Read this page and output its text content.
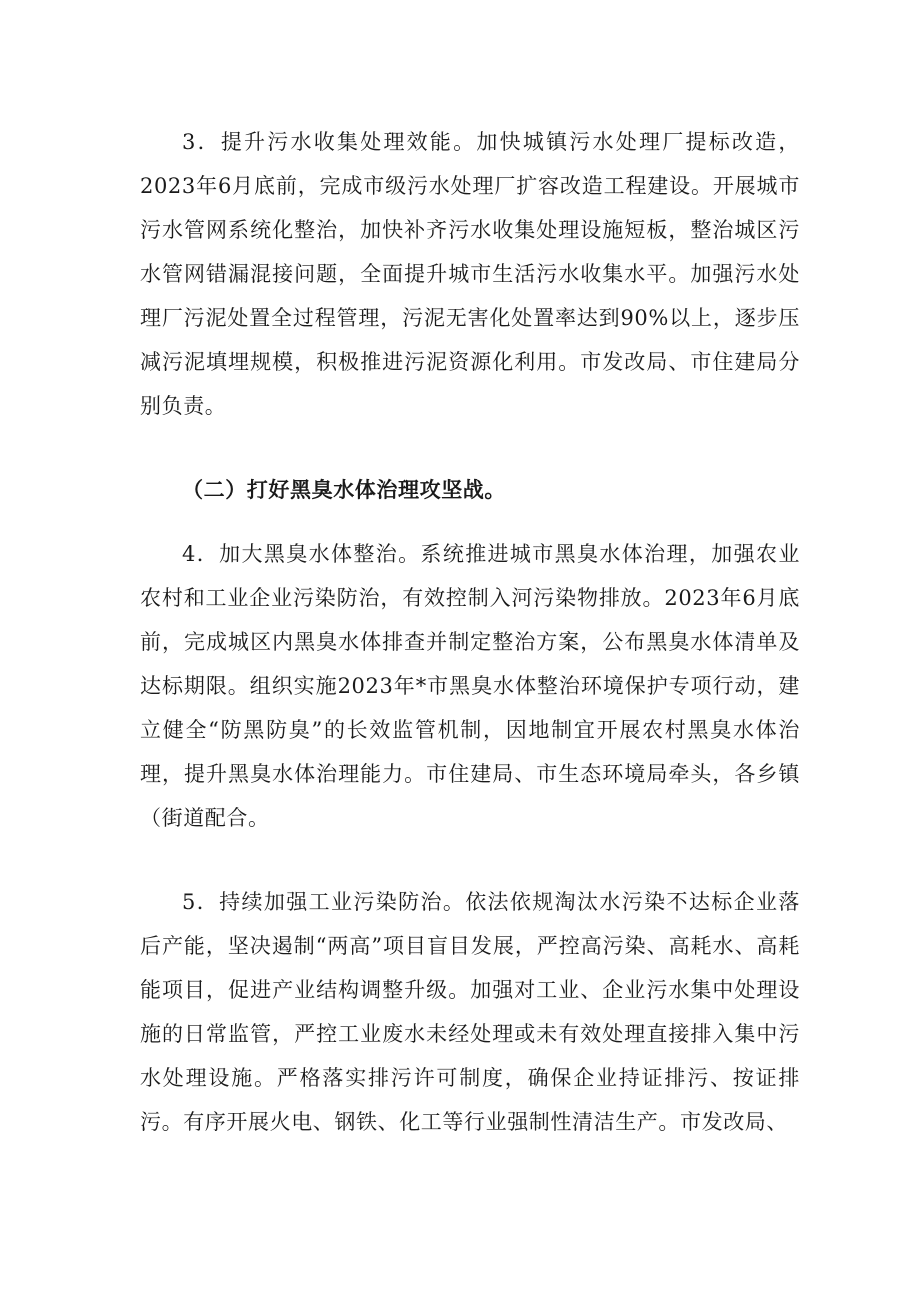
3．提升污水收集处理效能。加快城镇污水处理厂提标改造，2023年6月底前，完成市级污水处理厂扩容改造工程建设。开展城市污水管网系统化整治，加快补齐污水收集处理设施短板，整治城区污水管网错漏混接问题，全面提升城市生活污水收集水平。加强污水处理厂污泥处置全过程管理，污泥无害化处置率达到90%以上，逐步压减污泥填埋规模，积极推进污泥资源化利用。市发改局、市住建局分别负责。

（二）打好黑臭水体治理攻坚战。

4．加大黑臭水体整治。系统推进城市黑臭水体治理，加强农业农村和工业企业污染防治，有效控制入河污染物排放。2023年6月底前，完成城区内黑臭水体排查并制定整治方案，公布黑臭水体清单及达标期限。组织实施2023年*市黑臭水体整治环境保护专项行动，建立健全“防黑防臭”的长效监管机制，因地制宜开展农村黑臭水体治理，提升黑臭水体治理能力。市住建局、市生态环境局牵头，各乡镇（街道配合。

5．持续加强工业污染防治。依法依规淘汰水污染不达标企业落后产能，坚决遏制“两高”项目盲目发展，严控高污染、高耗水、高耗能项目，促进产业结构调整升级。加强对工业、企业污水集中处理设施的日常监管，严控工业废水未经处理或未有效处理直接排入集中污水处理设施。严格落实排污许可制度，确保企业持证排污、按证排污。有序开展火电、钢铁、化工等行业强制性清洁生产。市发改局、
